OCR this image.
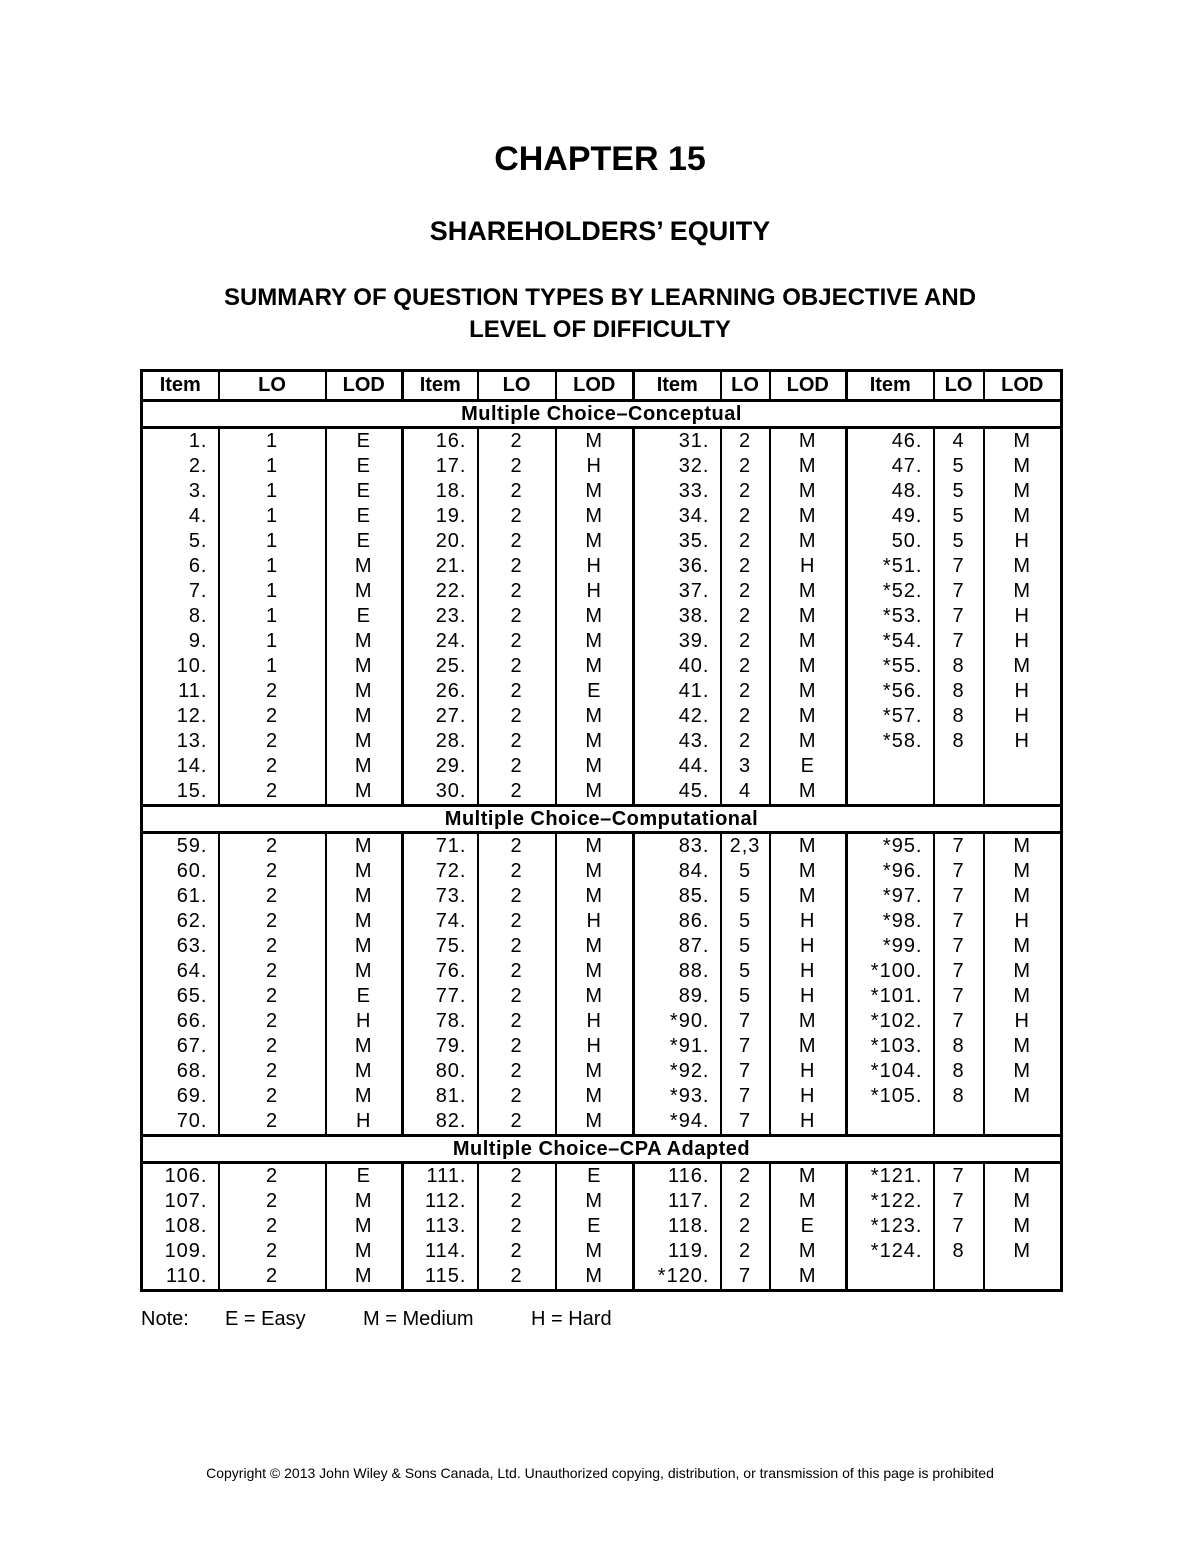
CHAPTER 15
SHAREHOLDERS’ EQUITY
SUMMARY OF QUESTION TYPES BY LEARNING OBJECTIVE AND
LEVEL OF DIFFICULTY
Item	LO	LOD	Item	LO	LOD	Item	LO	LOD	Item	LO	LOD
Multiple Choice–Conceptual											
1.	1	E	16.	2	M	31.	2	M	46.	4	M
2.	1	E	17.	2	H	32.	2	M	47.	5	M
3.	1	E	18.	2	M	33.	2	M	48.	5	M
4.	1	E	19.	2	M	34.	2	M	49.	5	M
5.	1	E	20.	2	M	35.	2	M	50.	5	H
6.	1	M	21.	2	H	36.	2	H	*51.	7	M
7.	1	M	22.	2	H	37.	2	M	*52.	7	M
8.	1	E	23.	2	M	38.	2	M	*53.	7	H
9.	1	M	24.	2	M	39.	2	M	*54.	7	H
10.	1	M	25.	2	M	40.	2	M	*55.	8	M
11.	2	M	26.	2	E	41.	2	M	*56.	8	H
12.	2	M	27.	2	M	42.	2	M	*57.	8	H
13.	2	M	28.	2	M	43.	2	M	*58.	8	H
14.	2	M	29.	2	M	44.	3	E			
15.	2	M	30.	2	M	45.	4	M			
Multiple Choice–Computational											
59.	2	M	71.	2	M	83.	2,3	M	*95.	7	M
60.	2	M	72.	2	M	84.	5	M	*96.	7	M
61.	2	M	73.	2	M	85.	5	M	*97.	7	M
62.	2	M	74.	2	H	86.	5	H	*98.	7	H
63.	2	M	75.	2	M	87.	5	H	*99.	7	M
64.	2	M	76.	2	M	88.	5	H	*100.	7	M
65.	2	E	77.	2	M	89.	5	H	*101.	7	M
66.	2	H	78.	2	H	*90.	7	M	*102.	7	H
67.	2	M	79.	2	H	*91.	7	M	*103.	8	M
68.	2	M	80.	2	M	*92.	7	H	*104.	8	M
69.	2	M	81.	2	M	*93.	7	H	*105.	8	M
70.	2	H	82.	2	M	*94.	7	H			
Multiple Choice–CPA Adapted											
106.	2	E	111.	2	E	116.	2	M	*121.	7	M
107.	2	M	112.	2	M	117.	2	M	*122.	7	M
108.	2	M	113.	2	E	118.	2	E	*123.	7	M
109.	2	M	114.	2	M	119.	2	M	*124.	8	M
110.	2	M	115.	2	M	*120.	7	M			
Note: E = Easy	M = Medium	H = Hard
Copyright © 2013 John Wiley & Sons Canada, Ltd. Unauthorized copying, distribution, or transmission of this page is prohibited
